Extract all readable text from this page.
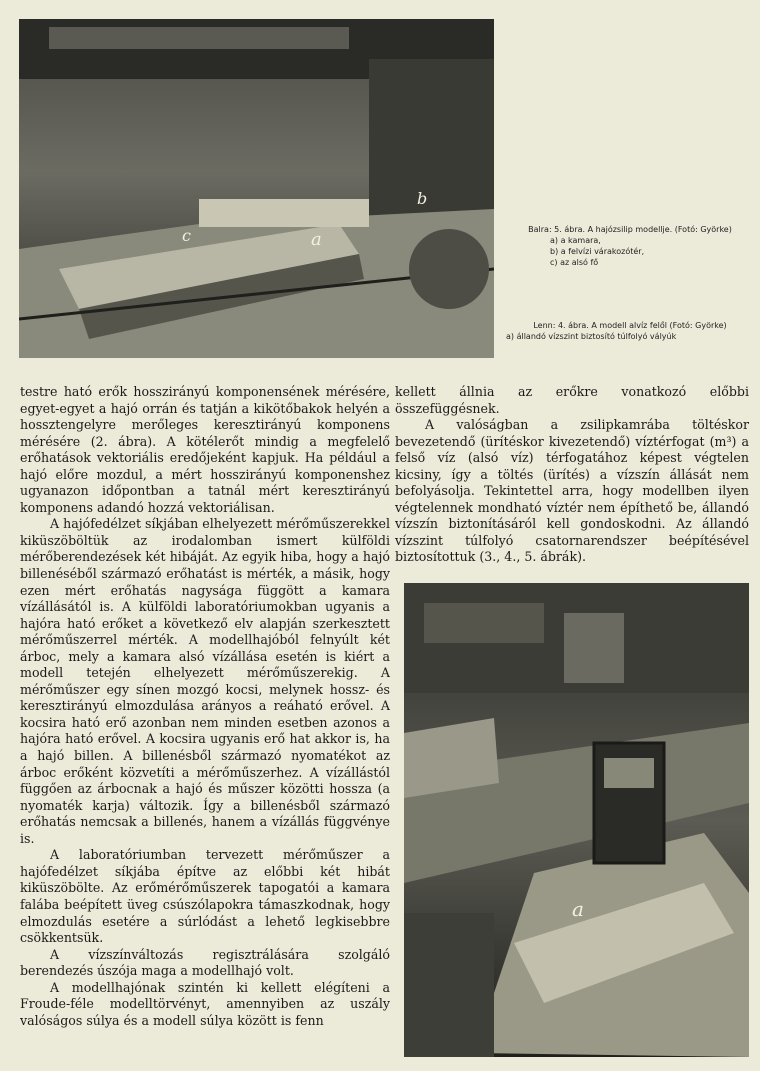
a
b
c	Balra: 5. ábra. A hajózsilip modellje. (Fotó: Györke)
a) a kamara,
b) a felvízi várakozótér,
c) az alsó fő
Lenn: 4. ábra. A modell alvíz felől (Fotó: Györke)
a) állandó vízszint biztosító túlfolyó vályúk

testre ható erők hosszirányú komponensének mérésére, egyet-egyet a hajó orrán és tatján a kikötőbakok helyén a hossztengelyre merőleges keresztirányú komponens mérésére (2. ábra). A kötélerőt mindig a megfelelő erőhatások vektoriális eredőjeként kapjuk. Ha például a hajó előre mozdul, a mért hosszirányú komponenshez ugyanazon időpontban a tatnál mért keresztirányú komponens adandó hozzá vektoriálisan.

A hajófedélzet síkjában elhelyezett mérőműszerekkel kiküszöböltük az irodalomban ismert külföldi mérőberendezések két hibáját. Az egyik hiba, hogy a hajó billenéséből származó erőhatást is mérték, a másik, hogy ezen mért erőhatás nagysága függött a kamara vízállásától is. A külföldi laboratóriumokban ugyanis a hajóra ható erőket a következő elv alapján szerkesztett mérőműszerrel mérték. A modellhajóból felnyúlt két árboc, mely a kamara alsó vízállása esetén is kiért a modell tetején elhelyezett mérőműszerekig. A mérőműszer egy sínen mozgó kocsi, melynek hossz- és keresztirányú elmozdulása arányos a reáható erővel. A kocsira ható erő azonban nem minden esetben azonos a hajóra ható erővel. A kocsira ugyanis erő hat akkor is, ha a hajó billen. A billenésből származó nyomatékot az árboc erőként közvetíti a mérőműszerhez. A vízállástól függően az árbocnak a hajó és műszer közötti hossza (a nyomaték karja) változik. Így a billenésből származó erőhatás nemcsak a billenés, hanem a vízállás függvénye is.

A laboratóriumban tervezett mérőműszer a hajófedélzet síkjába építve az előbbi két hibát kiküszöbölte. Az erőmérőműszerek tapogatói a kamara falába beépített üveg csúszólapokra támaszkodnak, hogy elmozdulás esetére a súrlódást a lehető legkisebbre csökkentsük.

A vízszínváltozás regisztrálására szolgáló berendezés úszója maga a modellhajó volt.

A modellhajónak szintén ki kellett elégíteni a Froude-féle modelltörvényt, amennyiben az uszály valóságos súlya és a modell súlya között is fenn

kellett állnia az erőkre vonatkozó előbbi összefüggésnek.

A valóságban a zsilipkamrába töltéskor bevezetendő (ürítéskor kivezetendő) víztérfogat (m³) a felső víz (alsó víz) térfogatához képest végtelen kicsiny, így a töltés (ürítés) a vízszín állását nem befolyásolja. Tekintettel arra, hogy modellben ilyen végtelennek mondható víztér nem építhető be, állandó vízszín biztonításáról kell gondoskodni. Az állandó vízszint túlfolyó csatornarendszer beépítésével biztosítottuk (3., 4., 5. ábrák).

a
